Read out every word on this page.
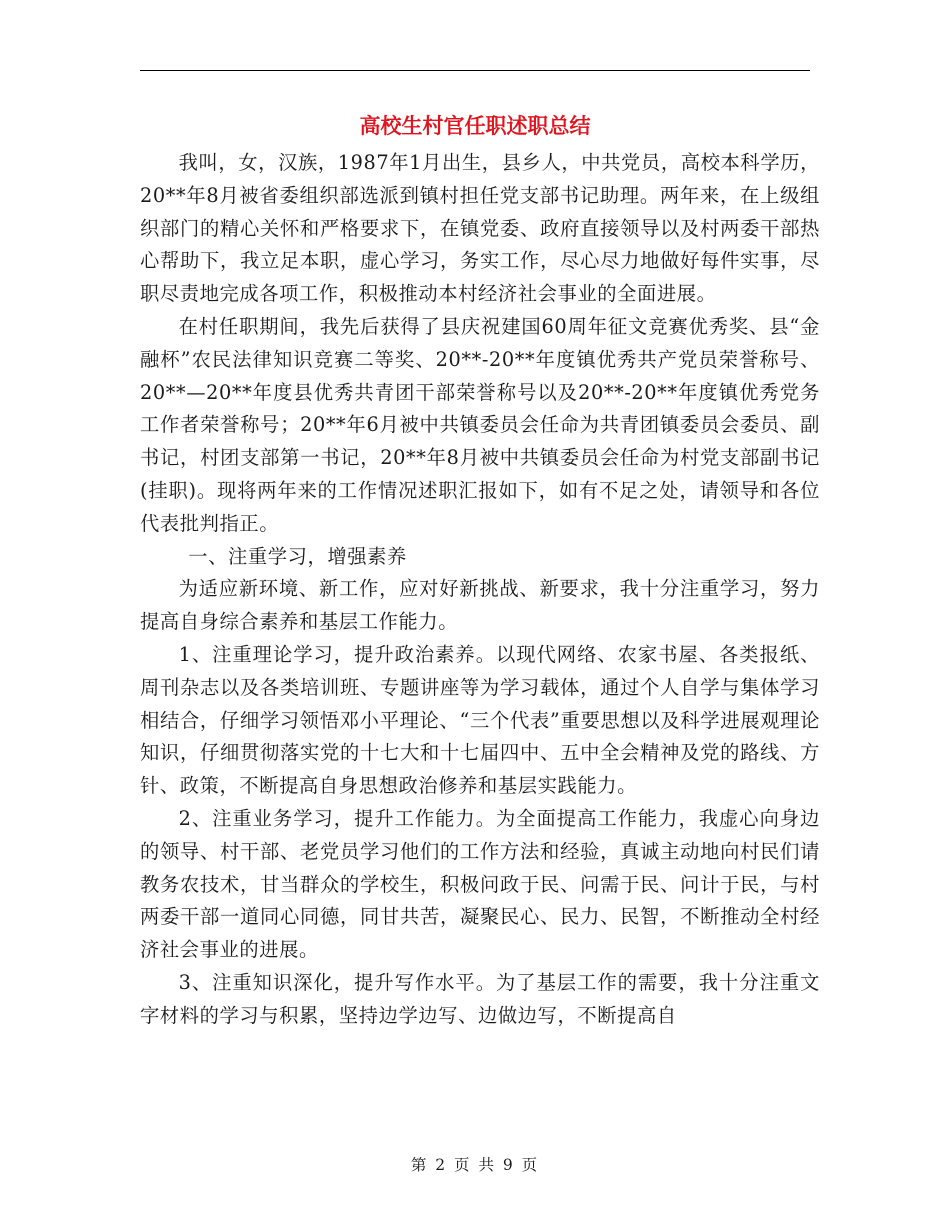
高校生村官任职述职总结

我叫，女，汉族，1987年1月出生，县乡人，中共党员，高校本科学历，20**年8月被省委组织部选派到镇村担任党支部书记助理。两年来，在上级组织部门的精心关怀和严格要求下，在镇党委、政府直接领导以及村两委干部热心帮助下，我立足本职，虚心学习，务实工作，尽心尽力地做好每件实事，尽职尽责地完成各项工作，积极推动本村经济社会事业的全面进展。

在村任职期间，我先后获得了县庆祝建国60周年征文竞赛优秀奖、县“金融杯”农民法律知识竞赛二等奖、20**-20**年度镇优秀共产党员荣誉称号、20**—20**年度县优秀共青团干部荣誉称号以及20**-20**年度镇优秀党务工作者荣誉称号；20**年6月被中共镇委员会任命为共青团镇委员会委员、副书记，村团支部第一书记，20**年8月被中共镇委员会任命为村党支部副书记(挂职)。现将两年来的工作情况述职汇报如下，如有不足之处，请领导和各位代表批判指正。

一、注重学习，增强素养

为适应新环境、新工作，应对好新挑战、新要求，我十分注重学习，努力提高自身综合素养和基层工作能力。

1、注重理论学习，提升政治素养。以现代网络、农家书屋、各类报纸、周刊杂志以及各类培训班、专题讲座等为学习载体，通过个人自学与集体学习相结合，仔细学习领悟邓小平理论、“三个代表”重要思想以及科学进展观理论知识，仔细贯彻落实党的十七大和十七届四中、五中全会精神及党的路线、方针、政策，不断提高自身思想政治修养和基层实践能力。

2、注重业务学习，提升工作能力。为全面提高工作能力，我虚心向身边的领导、村干部、老党员学习他们的工作方法和经验，真诚主动地向村民们请教务农技术，甘当群众的学校生，积极问政于民、问需于民、问计于民，与村两委干部一道同心同德，同甘共苦，凝聚民心、民力、民智，不断推动全村经济社会事业的进展。

3、注重知识深化，提升写作水平。为了基层工作的需要，我十分注重文字材料的学习与积累，坚持边学边写、边做边写，不断提高自

第 2 页 共 9 页
